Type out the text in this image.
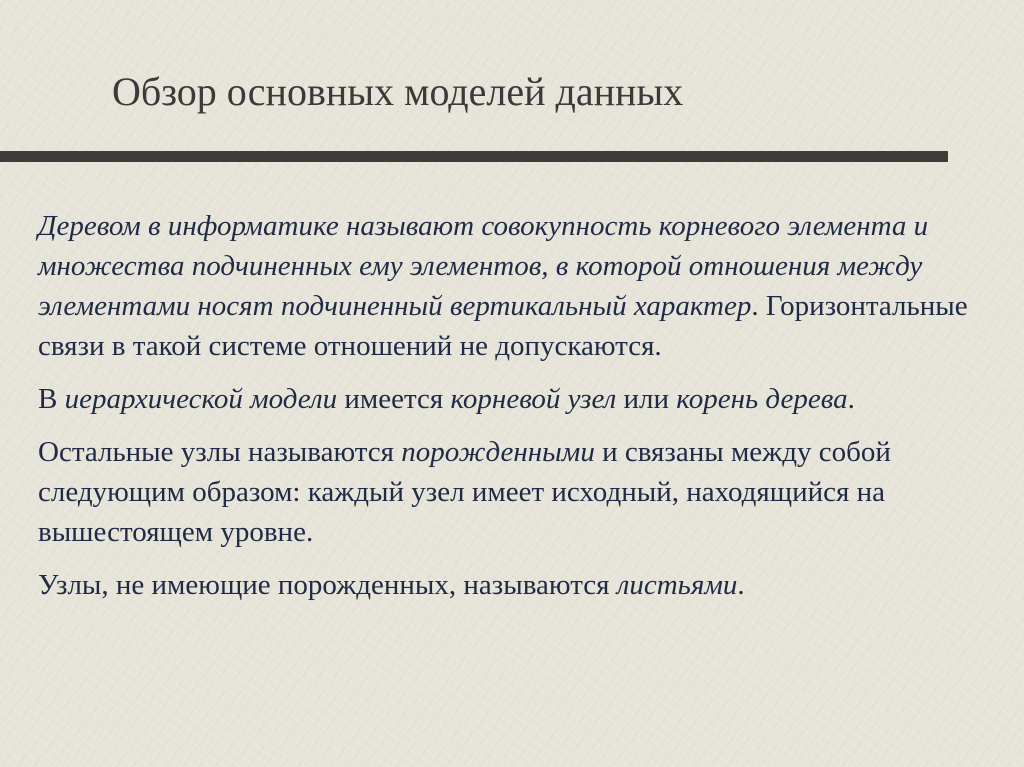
Обзор основных моделей данных

Деревом в информатике называют совокупность корневого элемента и множества подчиненных ему элементов, в которой отношения между элементами носят подчиненный вертикальный характер. Горизонтальные связи в такой системе отношений не допускаются.

В иерархической модели имеется корневой узел или корень дерева.

Остальные узлы называются порожденными и связаны между собой следующим образом: каждый узел имеет исходный, находящийся на вышестоящем уровне.

Узлы, не имеющие порожденных, называются листьями.
